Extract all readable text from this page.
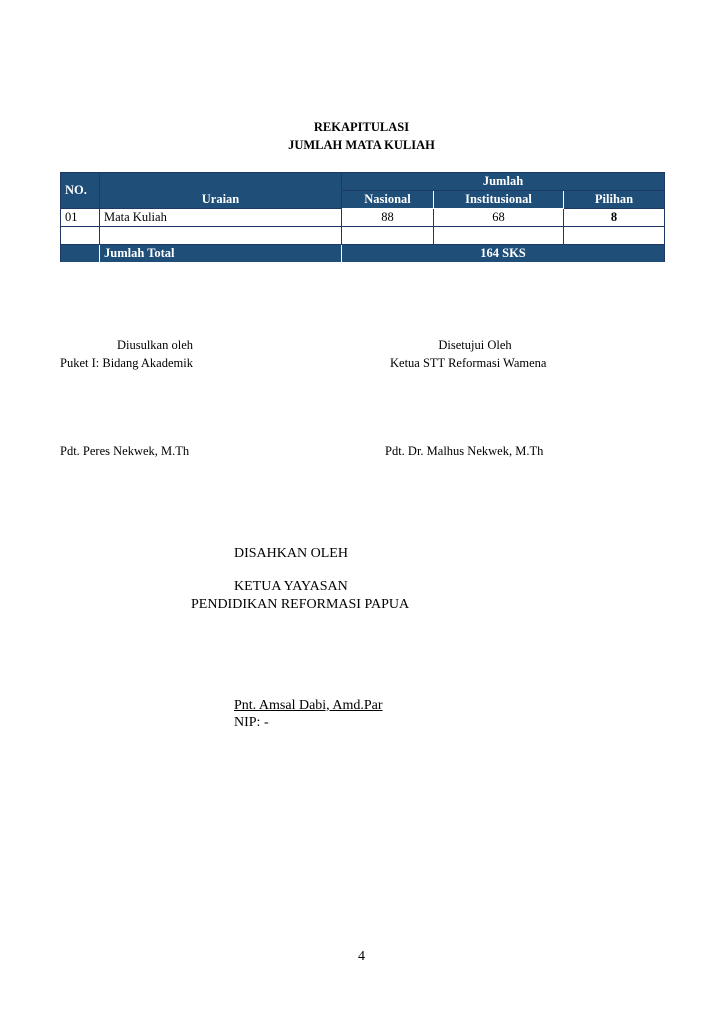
REKAPITULASI
JUMLAH MATA KULIAH
NO.	Uraian	Jumlah		
		Nasional	Institusional	Pilihan
01	Mata Kuliah	88	68	8

	Jumlah Total	164 SKS		
Diusulkan oleh
Puket I: Bidang Akademik
Pdt. Peres Nekwek, M.Th
Disetujui Oleh
Ketua STT Reformasi Wamena
Pdt. Dr. Malhus Nekwek, M.Th
DISAHKAN OLEH
KETUA YAYASAN
PENDIDIKAN REFORMASI PAPUA
Pnt. Amsal Dabi, Amd.Par
NIP: -
4
